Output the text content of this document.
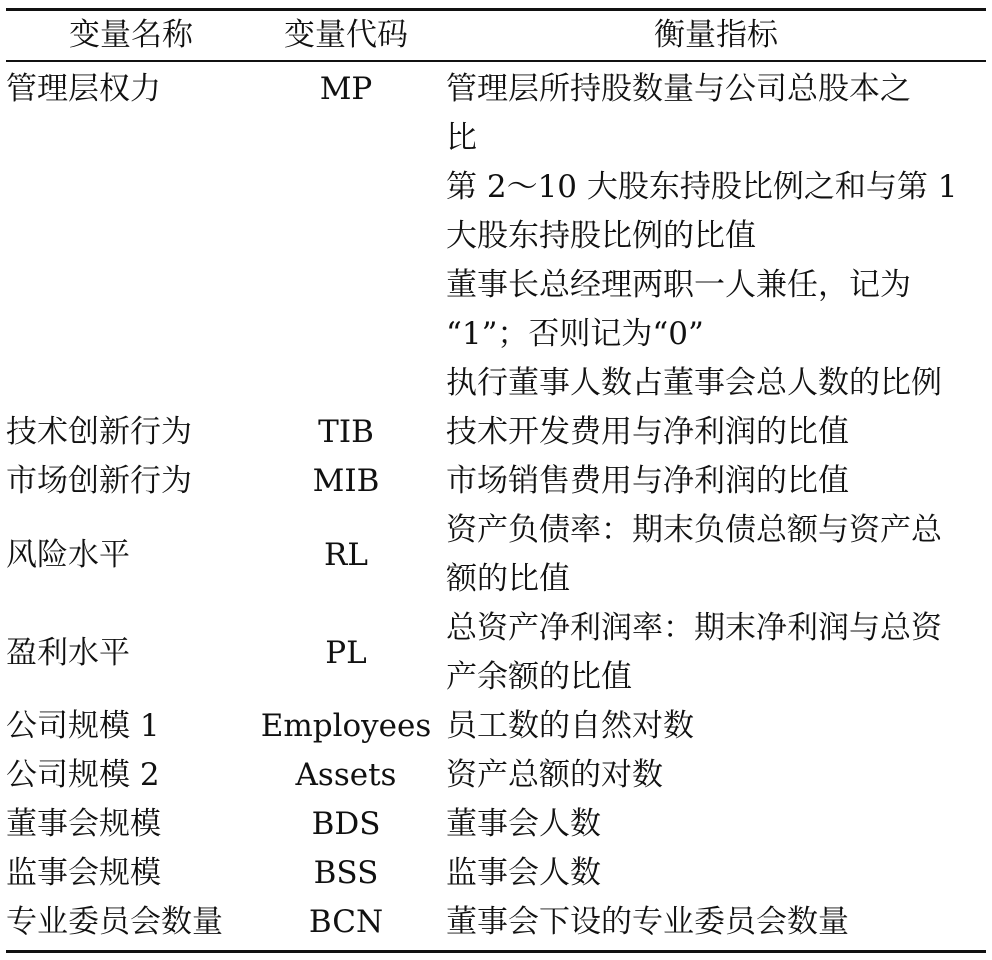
变量名称	变量代码	衡量指标
管理层权力	MP	管理层所持股数量与公司总股本之
比
第 2～10 大股东持股比例之和与第 1
大股东持股比例的比值
董事长总经理两职一人兼任，记为
“1”；否则记为“0”
执行董事人数占董事会总人数的比例
技术创新行为	TIB	技术开发费用与净利润的比值
市场创新行为	MIB	市场销售费用与净利润的比值
风险水平	RL
资产负债率：期末负债总额与资产总
额的比值
盈利水平	PL
总资产净利润率：期末净利润与总资
产余额的比值
公司规模 1	Employees 员工数的自然对数
公司规模 2	Assets	资产总额的对数
董事会规模	BDS	董事会人数
监事会规模	BSS	监事会人数
专业委员会数量	BCN	董事会下设的专业委员会数量
